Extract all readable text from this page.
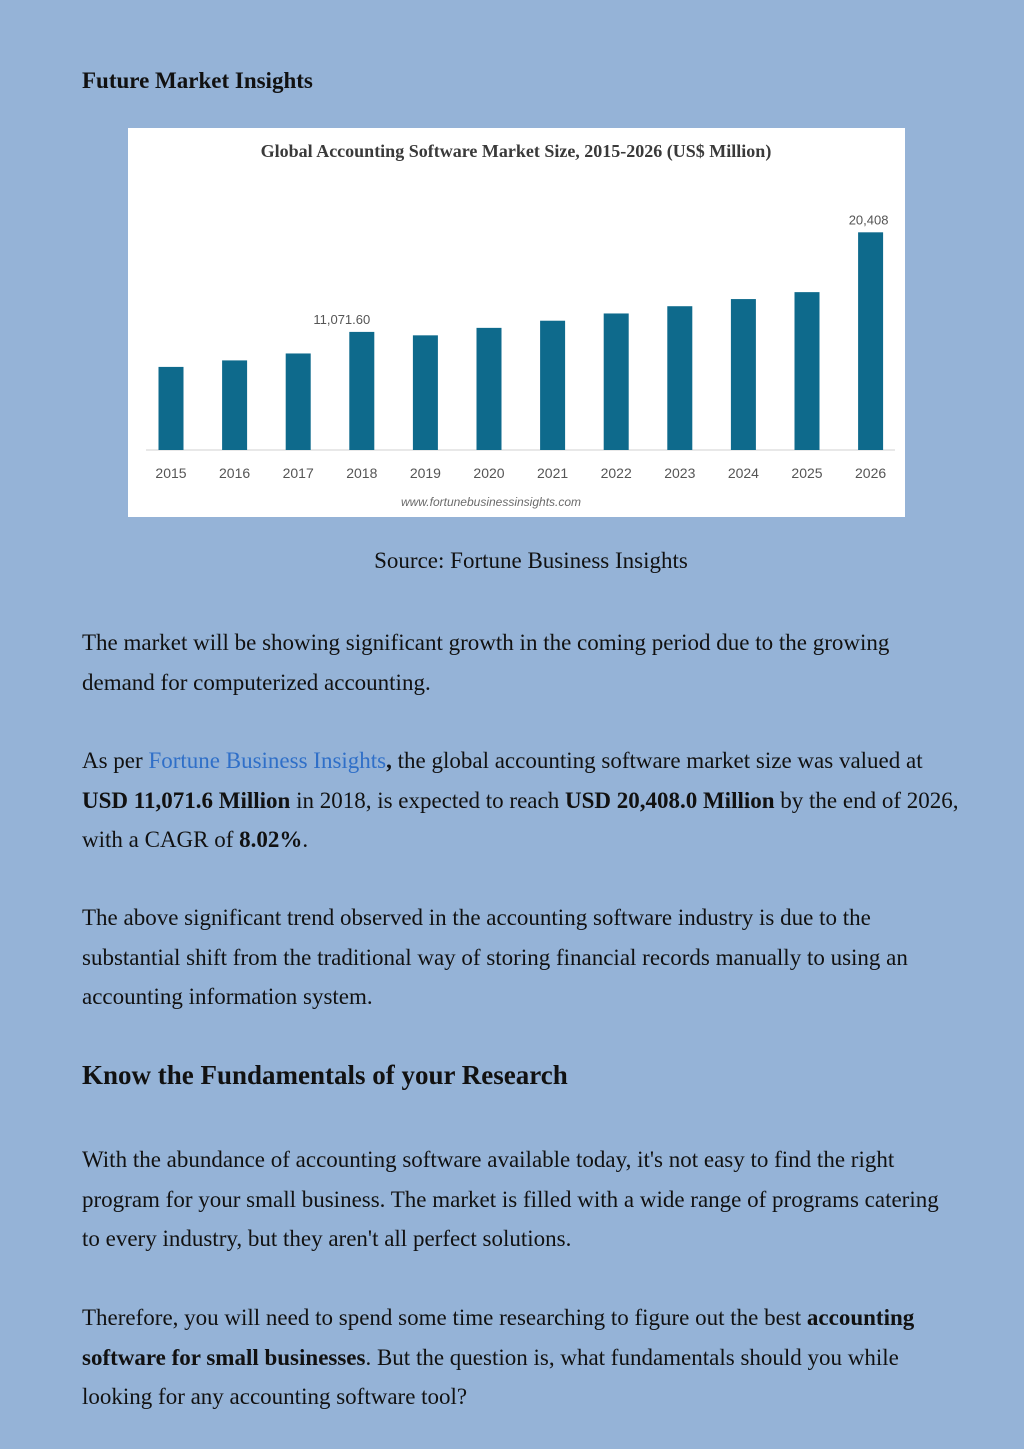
Future Market Insights
Global Accounting Software Market Size, 2015-2026 (US$ Million)
2015 2016 2017 2018 2019 2020 2021 2022 2023 2024 2025 2026
11,071.60
20,408
www.fortunebusinessinsights.com
Source: Fortune Business Insights

The market will be showing significant growth in the coming period due to the growing demand for computerized accounting.

As per Fortune Business Insights, the global accounting software market size was valued at USD 11,071.6 Million in 2018, is expected to reach USD 20,408.0 Million by the end of 2026, with a CAGR of 8.02%.

The above significant trend observed in the accounting software industry is due to the substantial shift from the traditional way of storing financial records manually to using an accounting information system.

Know the Fundamentals of your Research

With the abundance of accounting software available today, it's not easy to find the right program for your small business. The market is filled with a wide range of programs catering to every industry, but they aren't all perfect solutions.

Therefore, you will need to spend some time researching to figure out the best accounting software for small businesses. But the question is, what fundamentals should you while looking for any accounting software tool?
